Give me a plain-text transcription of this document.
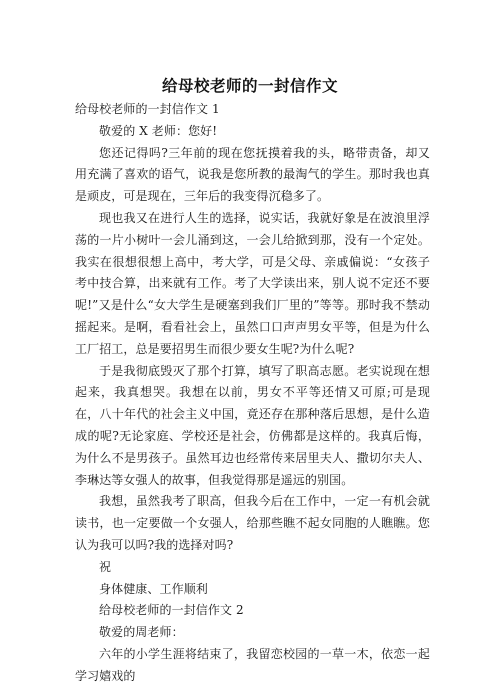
给母校老师的一封信作文

给母校老师的一封信作文 1

敬爱的 X 老师：您好!

您还记得吗?三年前的现在您抚摸着我的头，略带责备，却又用充满了喜欢的语气，说我是您所教的最淘气的学生。那时我也真是顽皮，可是现在，三年后的我变得沉稳多了。

现也我又在进行人生的选择，说实话，我就好象是在波浪里浮荡的一片小树叶一会儿涌到这，一会儿给掀到那，没有一个定处。我实在很想很想上高中，考大学，可是父母、亲戚偏说：“女孩子考中技合算，出来就有工作。考了大学读出来，别人说不定还不要呢!”又是什么“女大学生是硬塞到我们厂里的”等等。那时我不禁动摇起来。是啊，看看社会上，虽然口口声声男女平等，但是为什么工厂招工，总是要招男生而很少要女生呢?为什么呢?

于是我彻底毁灭了那个打算，填写了职高志愿。老实说现在想起来，我真想哭。我想在以前，男女不平等还情又可原;可是现在，八十年代的社会主义中国，竟还存在那种落后思想，是什么造成的呢?无论家庭、学校还是社会，仿佛都是这样的。我真后悔，为什么不是男孩子。虽然耳边也经常传来居里夫人、撒切尔夫人、李琳达等女强人的故事，但我觉得那是遥远的别国。

我想，虽然我考了职高，但我今后在工作中，一定一有机会就读书，也一定要做一个女强人，给那些瞧不起女同胞的人瞧瞧。您认为我可以吗?我的选择对吗?

祝

身体健康、工作顺利

给母校老师的一封信作文 2

敬爱的周老师：

六年的小学生涯将结束了，我留恋校园的一草一木，依恋一起学习嬉戏的
